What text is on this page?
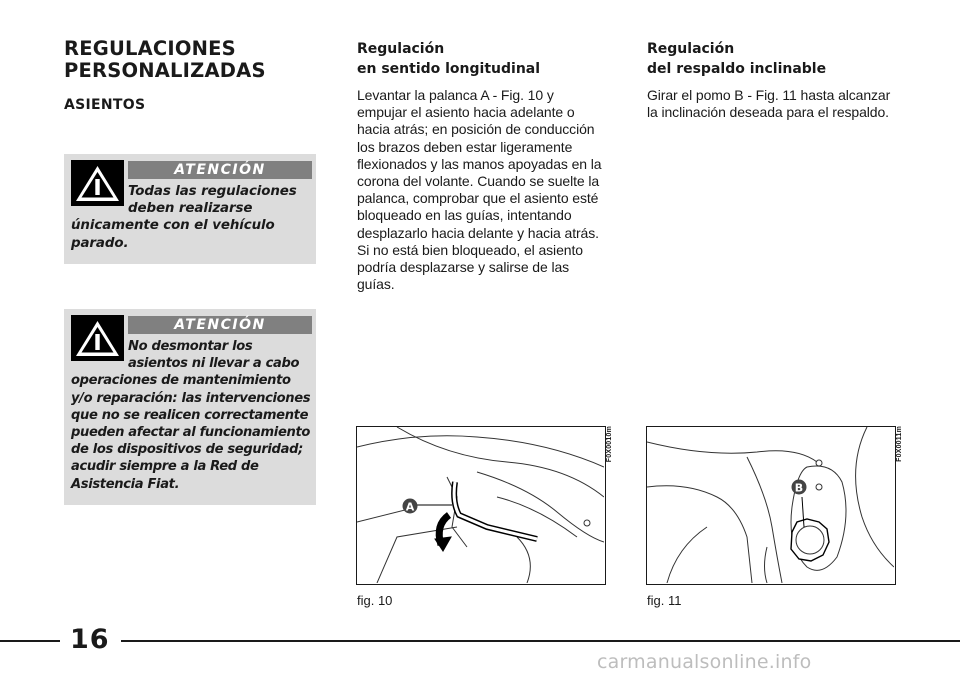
REGULACIONES
PERSONALIZADAS
ASIENTOS
ATENCIÓN
Todas las regulaciones deben realizarse únicamente con el vehículo parado.
ATENCIÓN
No desmontar los asientos ni llevar a cabo operaciones de mantenimiento y/o reparación: las intervenciones que no se realicen correctamente pueden afectar al funcionamiento de los dispositivos de seguridad; acudir siempre a la Red de Asistencia Fiat.
Regulación
en sentido longitudinal
Levantar la palanca A - Fig. 10 y empujar el asiento hacia adelante o hacia atrás; en posición de conducción los brazos deben estar ligeramente flexionados y las manos apoyadas en la corona del volante. Cuando se suelte la palanca, comprobar que el asiento esté bloqueado en las guías, intentando desplazarlo hacia delante y hacia atrás. Si no está bien bloqueado, el asiento podría desplazarse y salirse de las guías.
Regulación
del respaldo inclinable
Girar el pomo B - Fig. 11 hasta alcanzar la inclinación deseada para el respaldo.
A
F0X0010m
fig. 10
B
F0X0011m
fig. 11
16
carmanualsonline.info
